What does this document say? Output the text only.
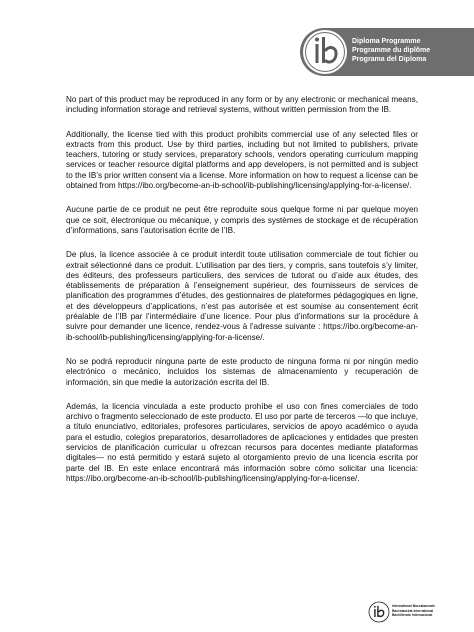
Diploma Programme
Programme du diplôme
Programa del Diploma

No part of this product may be reproduced in any form or by any electronic or mechanical means, including information storage and retrieval systems, without written permission from the IB.

Additionally, the license tied with this product prohibits commercial use of any selected files or extracts from this product. Use by third parties, including but not limited to publishers, private teachers, tutoring or study services, preparatory schools, vendors operating curriculum mapping services or teacher resource digital platforms and app developers, is not permitted and is subject to the IB’s prior written consent via a license. More information on how to request a license can be obtained from https://ibo.org/become-an-ib-school/ib-publishing/licensing/applying-for-a-license/.

Aucune partie de ce produit ne peut être reproduite sous quelque forme ni par quelque moyen que ce soit, électronique ou mécanique, y compris des systèmes de stockage et de récupération d’informations, sans l’autorisation écrite de l’IB.

De plus, la licence associée à ce produit interdit toute utilisation commerciale de tout fichier ou extrait sélectionné dans ce produit. L’utilisation par des tiers, y compris, sans toutefois s’y limiter, des éditeurs, des professeurs particuliers, des services de tutorat ou d’aide aux études, des établissements de préparation à l’enseignement supérieur, des fournisseurs de services de planification des programmes d’études, des gestionnaires de plateformes pédagogiques en ligne, et des développeurs d’applications, n’est pas autorisée et est soumise au consentement écrit préalable de l’IB par l’intermédiaire d’une licence. Pour plus d’informations sur la procédure à suivre pour demander une licence, rendez-vous à l’adresse suivante : https://ibo.org/become-an-ib-school/ib-publishing/licensing/applying-for-a-license/.

No se podrá reproducir ninguna parte de este producto de ninguna forma ni por ningún medio electrónico o mecánico, incluidos los sistemas de almacenamiento y recuperación de información, sin que medie la autorización escrita del IB.

Además, la licencia vinculada a este producto prohíbe el uso con fines comerciales de todo archivo o fragmento seleccionado de este producto. El uso por parte de terceros —lo que incluye, a título enunciativo, editoriales, profesores particulares, servicios de apoyo académico o ayuda para el estudio, colegios preparatorios, desarrolladores de aplicaciones y entidades que presten servicios de planificación curricular u ofrezcan recursos para docentes mediante plataformas digitales— no está permitido y estará sujeto al otorgamiento previo de una licencia escrita por parte del IB. En este enlace encontrará más información sobre cómo solicitar una licencia: https://ibo.org/become-an-ib-school/ib-publishing/licensing/applying-for-a-license/.

International Baccalaureate
Baccalauréat International
Bachillerato Internacional
